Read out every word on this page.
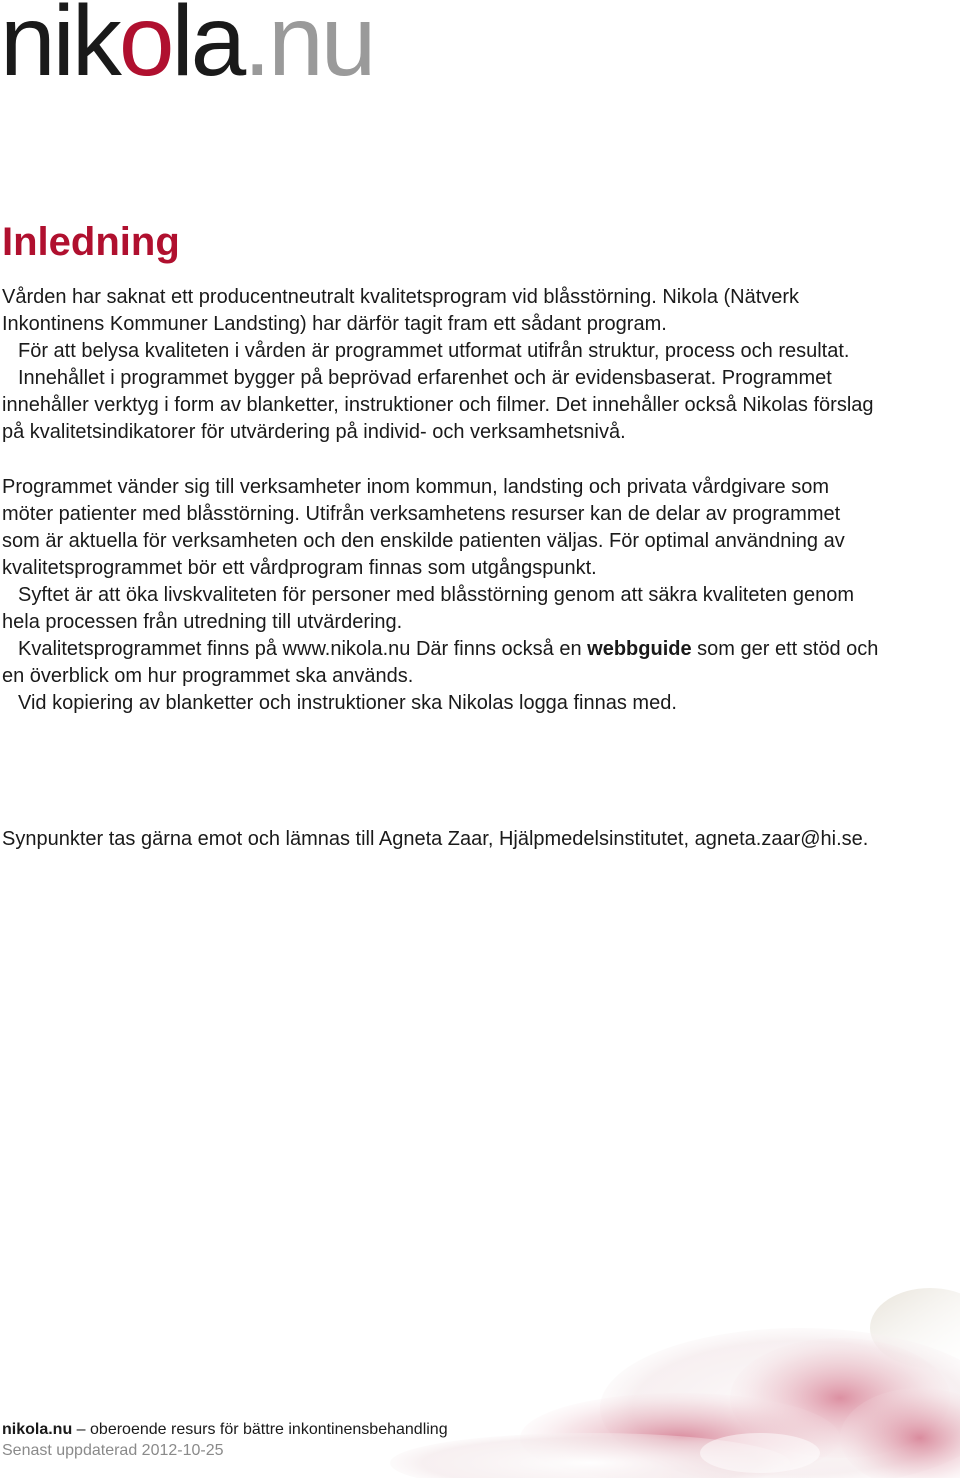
nikola.nu
Inledning

Vården har saknat ett producentneutralt kvalitetsprogram vid blåsstörning. Nikola (Nätverk Inkontinens Kommuner Landsting) har därför tagit fram ett sådant program.

För att belysa kvaliteten i vården är programmet utformat utifrån struktur, process och resultat.

Innehållet i programmet bygger på beprövad erfarenhet och är evidensbaserat. Programmet innehåller verktyg i form av blanketter, instruktioner och filmer. Det innehåller också Nikolas förslag på kvalitetsindikatorer för utvärdering på individ- och verksamhetsnivå.

Programmet vänder sig till verksamheter inom kommun, landsting och privata vårdgivare som möter patienter med blåsstörning. Utifrån verksamhetens resurser kan de delar av programmet som är aktuella för verksamheten och den enskilde patienten väljas. För optimal användning av kvalitetsprogrammet bör ett vårdprogram finnas som utgångspunkt.

Syftet är att öka livskvaliteten för personer med blåsstörning genom att säkra kvaliteten genom hela processen från utredning till utvärdering.

Kvalitetsprogrammet finns på www.nikola.nu Där finns också en webbguide som ger ett stöd och en överblick om hur programmet ska används.

Vid kopiering av blanketter och instruktioner ska Nikolas logga finnas med.

Synpunkter tas gärna emot och lämnas till Agneta Zaar, Hjälpmedelsinstitutet, agneta.zaar@hi.se.

nikola.nu – oberoende resurs för bättre inkontinensbehandling
Senast uppdaterad 2012-10-25
